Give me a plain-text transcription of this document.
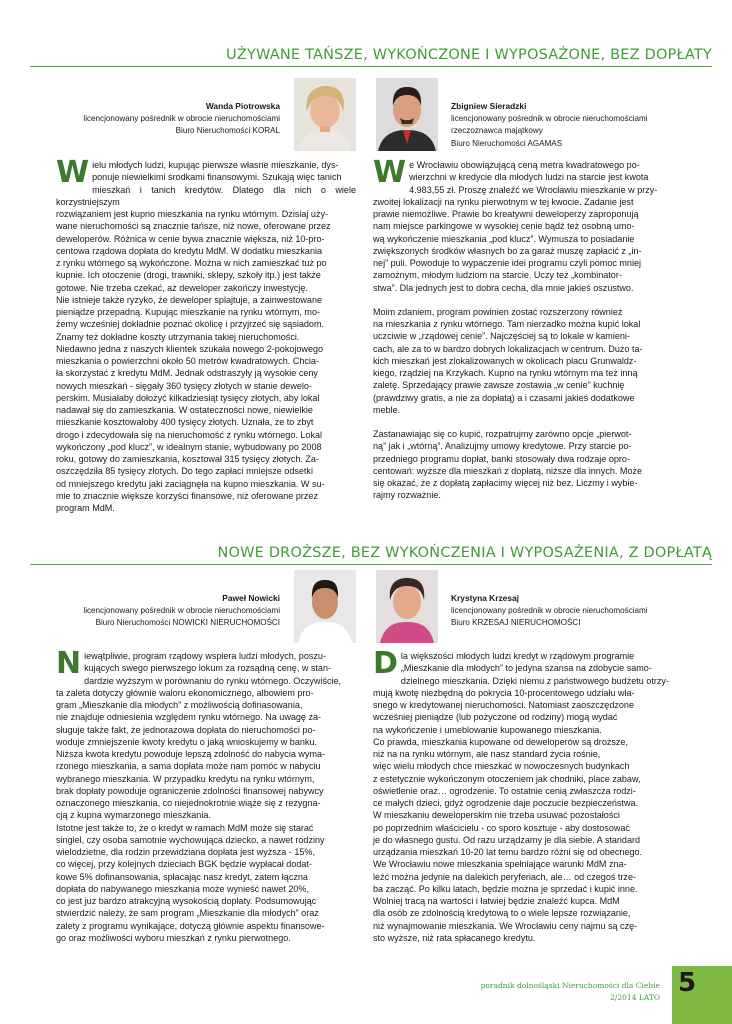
UŻYWANE TAŃSZE, WYKOŃCZONE I WYPOSAŻONE, BEZ DOPŁATY
Wanda Piotrowska
licencjonowany pośrednik w obrocie nieruchomościami
Biuro Nieruchomości KORAL
Zbigniew Sieradzki
licencjonowany pośrednik w obrocie nieruchomościami
rzeczoznawca majątkowy
Biuro Nieruchomości AGAMAS

Wielu młodych ludzi, kupując pierwsze własne mieszkanie, dys-
ponuje niewielkimi środkami finansowymi. Szukają więc tanich
mieszkań i tanich kredytów. Dlatego dla nich o wiele korzystniejszym
rozwiązaniem jest kupno mieszkania na rynku wtórnym. Dzisiaj uży-
wane nieruchomości są znacznie tańsze, niż nowe, oferowane przez
deweloperów. Różnica w cenie bywa znacznie większa, niż 10-pro-
centowa rządowa dopłata do kredytu MdM. W dodatku mieszkania
z rynku wtórnego są wykończone. Można w nich zamieszkać tuż po
kupnie. Ich otoczenie (drogi, trawniki, sklepy, szkoły itp.) jest także
gotowe. Nie trzeba czekać, aż deweloper zakończy inwestycję.

Nie istnieje także ryzyko, że deweloper splajtuje, a zainwestowane
pieniądze przepadną. Kupując mieszkanie na rynku wtórnym, mo-
żemy wcześniej dokładnie poznać okolicę i przyjrzeć się sąsiadom.
Znamy też dokładne koszty utrzymania takiej nieruchomości.

Niedawno jedna z naszych klientek szukała nowego 2-pokojowego
mieszkania o powierzchni około 50 metrów kwadratowych. Chcia-
ła skorzystać z kredytu MdM. Jednak odstraszyły ją wysokie ceny
nowych mieszkań - sięgały 360 tysięcy złotych w stanie dewelo-
perskim. Musiałaby dołożyć kilkadziesiąt tysięcy złotych, aby lokal
nadawał się do zamieszkania. W ostateczności nowe, niewielkie
mieszkanie kosztowałoby 400 tysięcy złotych. Uznała, że to zbyt
drogo i zdecydowała się na nieruchomość z rynku wtórnego. Lokal
wykończony „pod klucz”, w idealnym stanie, wybudowany po 2008
roku, gotowy do zamieszkania, kosztował 315 tysięcy złotych. Za-
oszczędziła 85 tysięcy złotych. Do tego zapłaci mniejsze odsetki
od mniejszego kredytu jaki zaciągnęła na kupno mieszkania. W su-
mie to znacznie większe korzyści finansowe, niż oferowane przez
program MdM.

We Wrocławiu obowiązującą ceną metra kwadratowego po-
wierzchni w kredycie dla młodych ludzi na starcie jest kwota
4.983,55 zł. Proszę znaleźć we Wrocławiu mieszkanie w przy-
zwoitej lokalizacji na rynku pierwotnym w tej kwocie. Zadanie jest
prawie niemożliwe. Prawie bo kreatywni deweloperzy zaproponują
nam miejsce parkingowe w wysokiej cenie bądź też osobną umo-
wą wykończenie mieszkania „pod klucz”. Wymusza to posiadanie
zwiększonych środków własnych bo za garaż muszę zapłacić z „in-
nej” puli. Powoduje to wypaczenie idei programu czyli pomoc mniej
zamożnym, młodym ludziom na starcie. Uczy też „kombinator-
stwa”. Dla jednych jest to dobra cecha, dla mnie jakieś oszustwo.

Moim zdaniem, program powinien zostać rozszerzony również
na mieszkania z rynku wtórnego. Tam nierzadko można kupić lokal
uczciwie w „rządowej cenie”. Najczęściej są to lokale w kamieni-
cach, ale za to w bardzo dobrych lokalizacjach w centrum. Dużo ta-
kich mieszkań jest zlokalizowanych w okolicach placu Grunwaldz-
kiego, rządziej na Krzykach. Kupno na rynku wtórnym ma też inną
zaletę. Sprzedający prawie zawsze zostawia „w cenie” kuchnię
(prawdziwy gratis, a nie za dopłatą) a i czasami jakieś dodatkowe
meble.

Zastanawiając się co kupić, rozpatrujmy zarówno opcje „pierwot-
ną” jak i „wtórną”. Analizujmy umowy kredytowe. Przy starcie po-
przedniego programu dopłat, banki stosowały dwa rodzaje opro-
centowań: wyższe dla mieszkań z dopłatą, niższe dla innych. Może
się okazać, że z dopłatą zapłacimy więcej niż bez. Liczmy i wybie-
rajmy rozważnie.

NOWE DROŻSZE, BEZ WYKOŃCZENIA I WYPOSAŻENIA, Z DOPŁATĄ
Paweł Nowicki
licencjonowany pośrednik w obrocie nieruchomościami
Biuro Nieruchomości NOWICKI NIERUCHOMOŚCI
Krystyna Krzesaj
licencjonowany pośrednik w obrocie nieruchomościami
Biuro KRZESAJ NIERUCHOMOŚCI

Niewątpliwie, program rządowy wspiera ludzi młodych, poszu-
kujących swego pierwszego lokum za rozsądną cenę, w stan-
dardzie wyższym w porównaniu do rynku wtórnego. Oczywiście,
ta zaleta dotyczy głównie waloru ekonomicznego, albowiem pro-
gram „Mieszkanie dla młodych” z możliwością dofinasowania,
nie znajduje odniesienia względem rynku wtórnego. Na uwagę za-
sługuje także fakt, że jednorazowa dopłata do nieruchomości po-
woduje zmniejszenie kwoty kredytu o jaką wnioskujemy w banku.
Niższa kwota kredytu powoduje lepszą zdolność do nabycia wyma-
rzonego mieszkania, a sama dopłata może nam pomóc w nabyciu
wybranego mieszkania. W przypadku kredytu na rynku wtórnym,
brak dopłaty powoduje ograniczenie zdolności finansowej nabywcy
oznaczonego mieszkania, co niejednokrotnie wiąże się z rezygna-
cją z kupna wymarzonego mieszkania.

Istotne jest także to, że o kredyt w ramach MdM może się starać
singiel, czy osoba samotnie wychowująca dziecko, a nawet rodziny
wielodzietne, dla rodzin przewidziana dopłata jest wyższa - 15%,
co więcej, przy kolejnych dzieciach BGK będzie wypłacał dodat-
kowe 5% dofinansowania, spłacając nasz kredyt, zatem łączna
dopłata do nabywanego mieszkania może wynieść nawet 20%,
co jest już bardzo atrakcyjną wysokością dopłaty. Podsumowując
stwierdzić należy, że sam program „Mieszkanie dla młodych” oraz
zalety z programu wynikające, dotyczą głównie aspektu finansowe-
go oraz możliwości wyboru mieszkań z rynku pierwotnego.

Dla większości młodych ludzi kredyt w rządowym programie
„Mieszkanie dla młodych” to jedyna szansa na zdobycie samo-
dzielnego mieszkania. Dzięki niemu z państwowego budżetu otrzy-
mują kwotę niezbędną do pokrycia 10-procentowego udziału wła-
snego w kredytowanej nieruchomości. Natomiast zaoszczędzone
wcześniej pieniądze (lub pożyczone od rodziny) mogą wydać
na wykończenie i umeblowanie kupowanego mieszkania.

Co prawda, mieszkania kupowane od deweloperów są droższe,
niż na na rynku wtórnym, ale nasz standard życia rośnie,
więc wielu młodych chce mieszkać w nowoczesnych budynkach
z estetycznie wykończonym otoczeniem jak chodniki, place zabaw,
oświetlenie oraz… ogrodzenie. To ostatnie cenią zwłaszcza rodzi-
ce małych dzieci, gdyż ogrodzenie daje poczucie bezpieczeństwa.
W mieszkaniu deweloperskim nie trzeba usuwać pozostałości
po poprzednim właścicielu - co sporo kosztuje - aby dostosować
je do własnego gustu. Od razu urządzamy je dla siebie. A standard
urządzania mieszkań 10-20 lat temu bardzo różni się od obecnego.
We Wrocławiu nowe mieszkania spełniające warunki MdM zna-
leźć można jedynie na dalekich peryferiach, ale… od czegoś trze-
ba zacząć. Po kilku latach, będzie można je sprzedać i kupić inne.
Wolniej tracą na wartości i łatwiej będzie znaleźć kupca. MdM
dla osób ze zdolnością kredytową to o wiele lepsze rozwiązanie,
niż wynajmowanie mieszkania. We Wrocławiu ceny najmu są czę-
sto wyższe, niż rata spłacanego kredytu.

poradnik dolnośląski Nieruchomości dla Ciebie
2/2014 LATO 5
